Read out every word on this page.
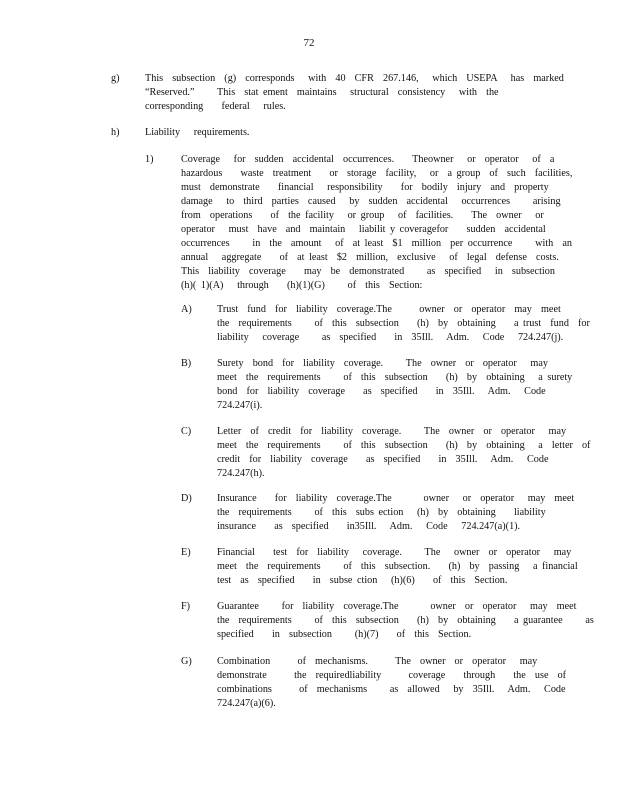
72
g)	This  subsection  (g)  corresponds   with  40  CFR  267.146,   which  USEPA   has  marked

“Reserved.”     This  stat ement  maintains   structural  consistency   with  the

corresponding    federal   rules.

h)	Liability   requirements.

1)	Coverage   for  sudden  accidental  occurrences.    Theowner   or  operator   of  a

hazardous    waste  treatment    or  storage  facility,   or  a group  of  such  facilities,

must  demonstrate    financial   responsibility    for  bodily  injury  and  property

damage   to  third  parties  caused   by  sudden  accidental   occurrences     arising

from  operations    of  the facility   or group   of  facilities.    The  owner   or

operator   must  have  and  maintain   liabilit y coveragefor    sudden  accidental

occurrences     in  the  amount   of  at least  $1  million  per occurrence     with  an

annual   aggregate    of  at least  $2  million,  exclusive   of  legal  defense  costs.

This  liability  coverage    may  be  demonstrated     as  specified   in  subsection

(h)( 1)(A)   through    (h)(1)(G)     of  this  Section:

A) Trust  fund  for  liability  coverage.The      owner  or  operator  may  meet

the  requirements     of  this  subsection    (h)  by  obtaining    a trust  fund  for

liability   coverage     as  specified    in  35Ill.   Adm.   Code   724.247(j).

B)	Surety  bond  for  liability  coverage.     The  owner  or  operator   may

meet  the  requirements     of  this  subsection    (h)  by  obtaining   a surety

bond  for  liability  coverage    as  specified    in  35Ill.   Adm.   Code

724.247(i).

C)	Letter  of  credit  for  liability  coverage.     The  owner  or  operator   may

meet  the  requirements     of  this  subsection    (h)  by  obtaining   a  letter  of

credit  for  liability  coverage    as  specified    in  35Ill.   Adm.   Code

724.247(h).

D) Insurance    for  liability  coverage.The       owner   or  operator   may  meet

the  requirements     of  this  subs ection   (h)  by  obtaining    liability

insurance    as  specified    in35Ill.   Adm.   Code   724.247(a)(1).

E)	Financial    test  for  liability   coverage.     The   owner  or  operator   may

meet  the  requirements     of  this  subsection.    (h)  by  passing   a financial

test  as  specified    in  subse ction   (h)(6)    of  this  Section.

F)	Guarantee     for  liability  coverage.The       owner  or  operator   may  meet

the  requirements     of  this  subsection    (h)  by  obtaining    a guarantee     as

specified    in  subsection     (h)(7)    of  this  Section.

G) Combination      of  mechanisms.      The  owner  or  operator   may

demonstrate      the  requiredliability      coverage    through    the  use  of

combinations      of  mechanisms     as  allowed   by  35Ill.   Adm.   Code

724.247(a)(6).
